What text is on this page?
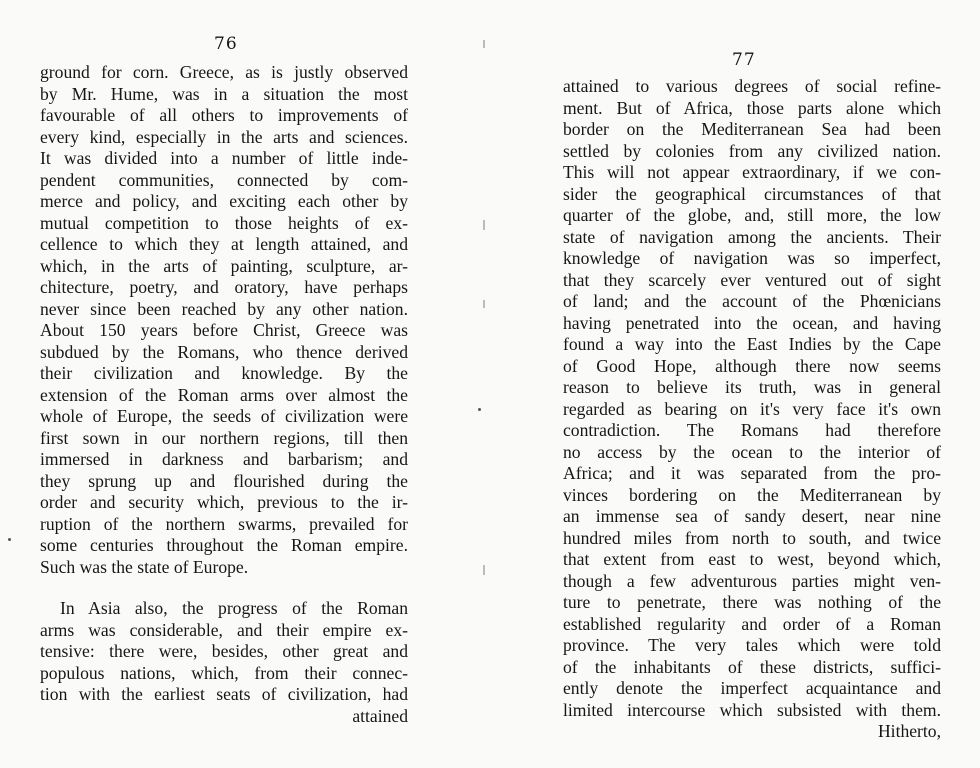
76
ground for corn. Greece, as is justly observed
by Mr. Hume, was in a situation the most
favourable of all others to improvements of
every kind, especially in the arts and sciences.
It was divided into a number of little inde-
pendent communities, connected by com-
merce and policy, and exciting each other by
mutual competition to those heights of ex-
cellence to which they at length attained, and
which, in the arts of painting, sculpture, ar-
chitecture, poetry, and oratory, have perhaps
never since been reached by any other nation.
About 150 years before Christ, Greece was
subdued by the Romans, who thence derived
their civilization and knowledge. By the
extension of the Roman arms over almost the
whole of Europe, the seeds of civilization were
first sown in our northern regions, till then
immersed in darkness and barbarism; and
they sprung up and flourished during the
order and security which, previous to the ir-
ruption of the northern swarms, prevailed for
some centuries throughout the Roman empire.
Such was the state of Europe.
In Asia also, the progress of the Roman
arms was considerable, and their empire ex-
tensive: there were, besides, other great and
populous nations, which, from their connec-
tion with the earliest seats of civilization, had
attained
77
attained to various degrees of social refine-
ment. But of Africa, those parts alone which
border on the Mediterranean Sea had been
settled by colonies from any civilized nation.
This will not appear extraordinary, if we con-
sider the geographical circumstances of that
quarter of the globe, and, still more, the low
state of navigation among the ancients. Their
knowledge of navigation was so imperfect,
that they scarcely ever ventured out of sight
of land; and the account of the Phœnicians
having penetrated into the ocean, and having
found a way into the East Indies by the Cape
of Good Hope, although there now seems
reason to believe its truth, was in general
regarded as bearing on it's very face it's own
contradiction. The Romans had therefore
no access by the ocean to the interior of
Africa; and it was separated from the pro-
vinces bordering on the Mediterranean by
an immense sea of sandy desert, near nine
hundred miles from north to south, and twice
that extent from east to west, beyond which,
though a few adventurous parties might ven-
ture to penetrate, there was nothing of the
established regularity and order of a Roman
province. The very tales which were told
of the inhabitants of these districts, suffici-
ently denote the imperfect acquaintance and
limited intercourse which subsisted with them.
Hitherto,
